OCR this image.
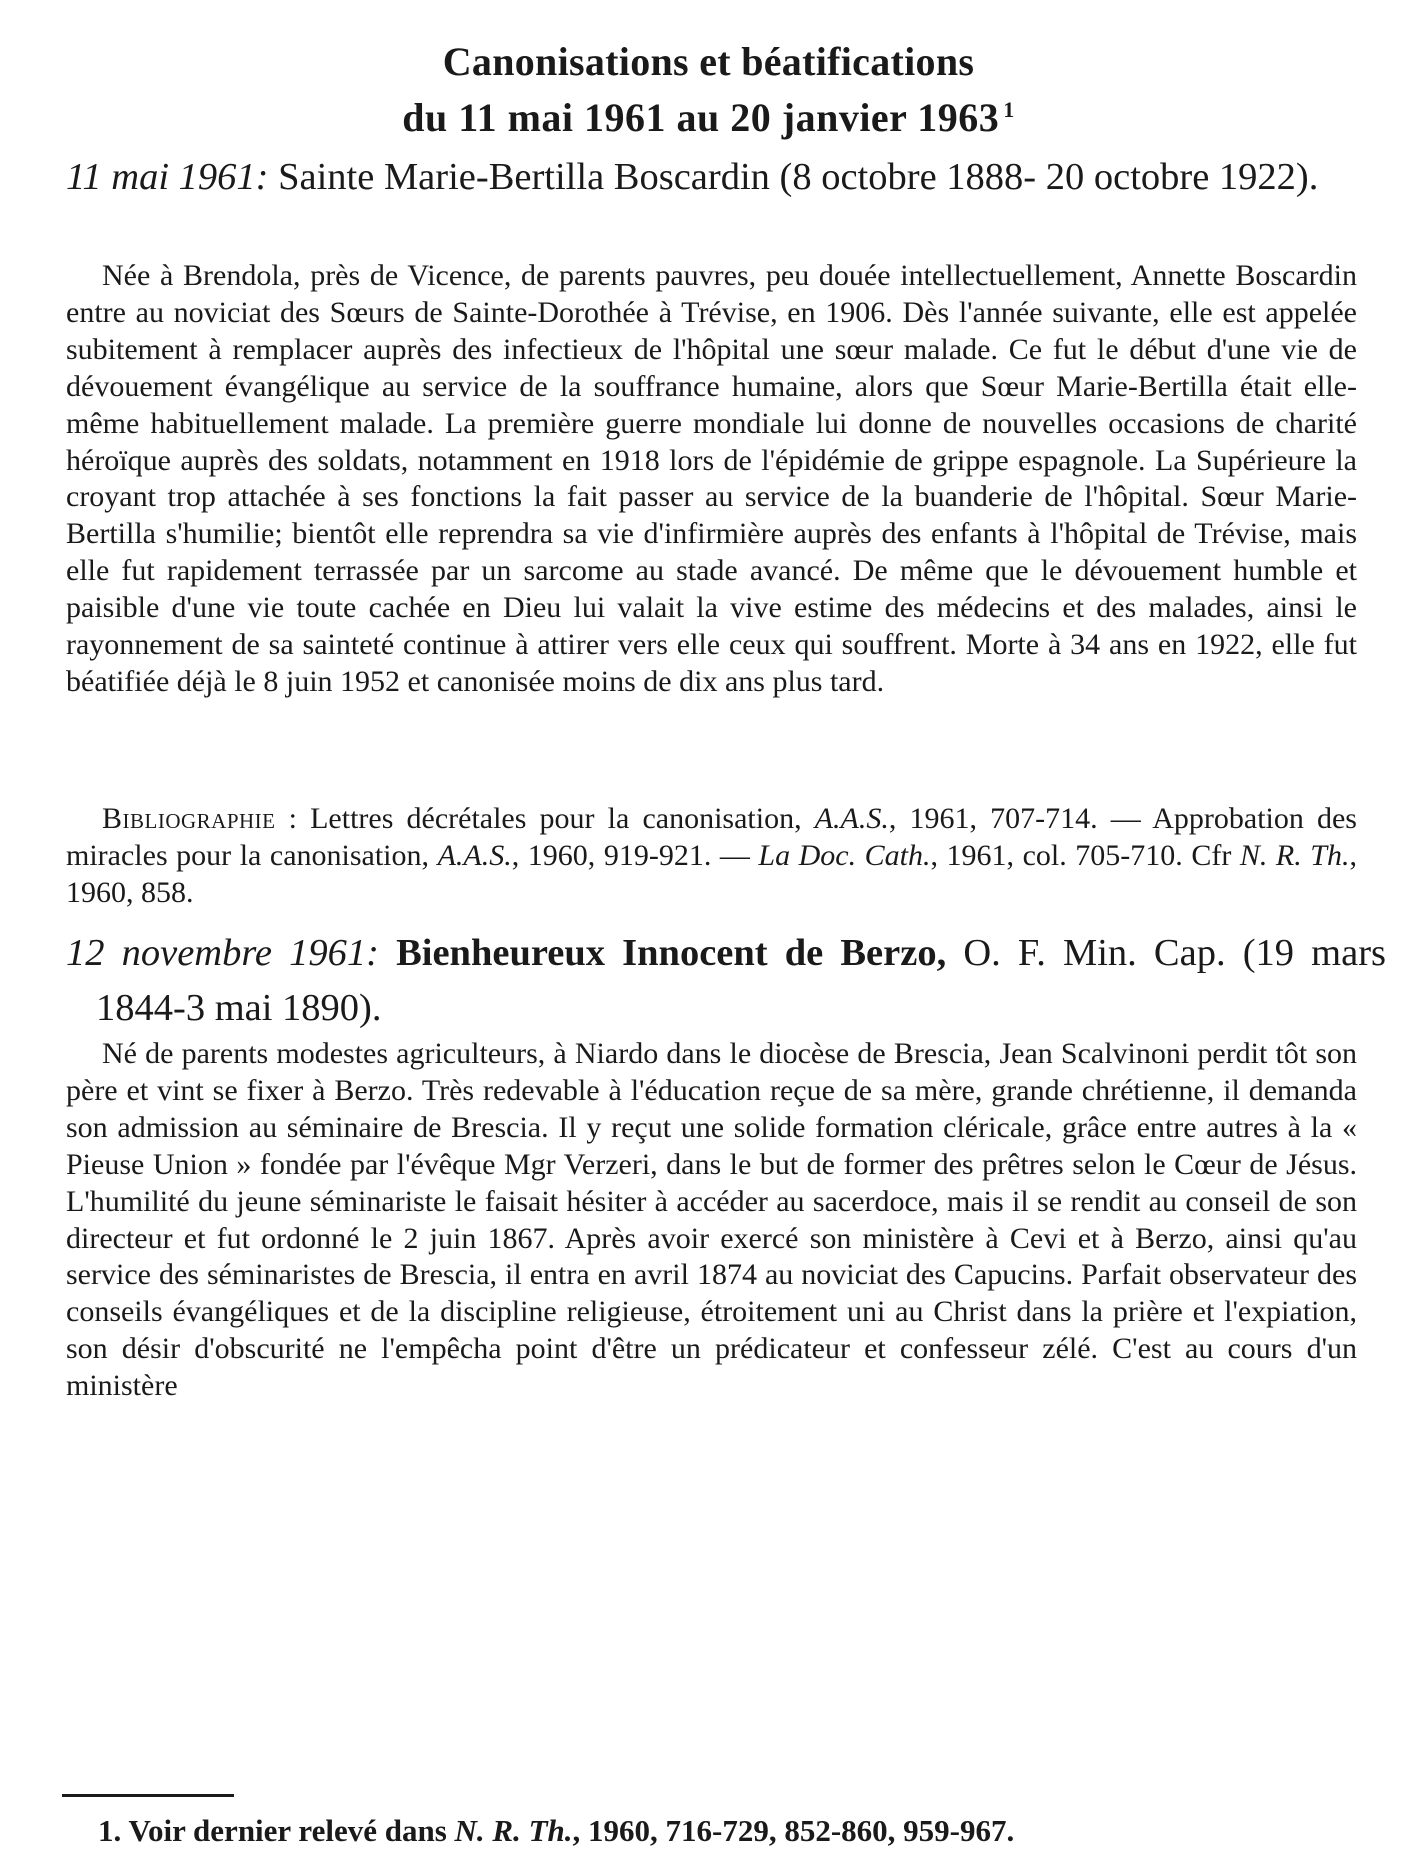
Canonisations et béatifications
du 11 mai 1961 au 20 janvier 1963 $^1$
11 mai 1961: Sainte Marie-Bertilla Boscardin (8 octobre 1888- 20 octobre 1922).

Née à Brendola, près de Vicence, de parents pauvres, peu douée intellectuellement, Annette Boscardin entre au noviciat des Sœurs de Sainte-Dorothée à Trévise, en 1906. Dès l'année suivante, elle est appelée subitement à remplacer auprès des infectieux de l'hôpital une sœur malade. Ce fut le début d'une vie de dévouement évangélique au service de la souffrance humaine, alors que Sœur Marie-Bertilla était elle-même habituellement malade. La première guerre mondiale lui donne de nouvelles occasions de charité héroïque auprès des soldats, notamment en 1918 lors de l'épidémie de grippe espagnole. La Supérieure la croyant trop attachée à ses fonctions la fait passer au service de la buanderie de l'hôpital. Sœur Marie-Bertilla s'humilie; bientôt elle reprendra sa vie d'infirmière auprès des enfants à l'hôpital de Trévise, mais elle fut rapidement terrassée par un sarcome au stade avancé. De même que le dévouement humble et paisible d'une vie toute cachée en Dieu lui valait la vive estime des médecins et des malades, ainsi le rayonnement de sa sainteté continue à attirer vers elle ceux qui souffrent. Morte à 34 ans en 1922, elle fut béatifiée déjà le 8 juin 1952 et canonisée moins de dix ans plus tard.

Bibliographie : Lettres décrétales pour la canonisation, A.A.S., 1961, 707-714. — Approbation des miracles pour la canonisation, A.A.S., 1960, 919-921. — La Doc. Cath., 1961, col. 705-710. Cfr N. R. Th., 1960, 858.

12 novembre 1961: Bienheureux Innocent de Berzo, O. F. Min. Cap. (19 mars 1844-3 mai 1890).

Né de parents modestes agriculteurs, à Niardo dans le diocèse de Brescia, Jean Scalvinoni perdit tôt son père et vint se fixer à Berzo. Très redevable à l'éducation reçue de sa mère, grande chrétienne, il demanda son admission au séminaire de Brescia. Il y reçut une solide formation cléricale, grâce entre autres à la « Pieuse Union » fondée par l'évêque Mgr Verzeri, dans le but de former des prêtres selon le Cœur de Jésus. L'humilité du jeune séminariste le faisait hésiter à accéder au sacerdoce, mais il se rendit au conseil de son directeur et fut ordonné le 2 juin 1867. Après avoir exercé son ministère à Cevi et à Berzo, ainsi qu'au service des séminaristes de Brescia, il entra en avril 1874 au noviciat des Capucins. Parfait observateur des conseils évangéliques et de la discipline religieuse, étroitement uni au Christ dans la prière et l'expiation, son désir d'obscurité ne l'empêcha point d'être un prédicateur et confesseur zélé. C'est au cours d'un ministère

1. Voir dernier relevé dans N. R. Th., 1960, 716-729, 852-860, 959-967.
